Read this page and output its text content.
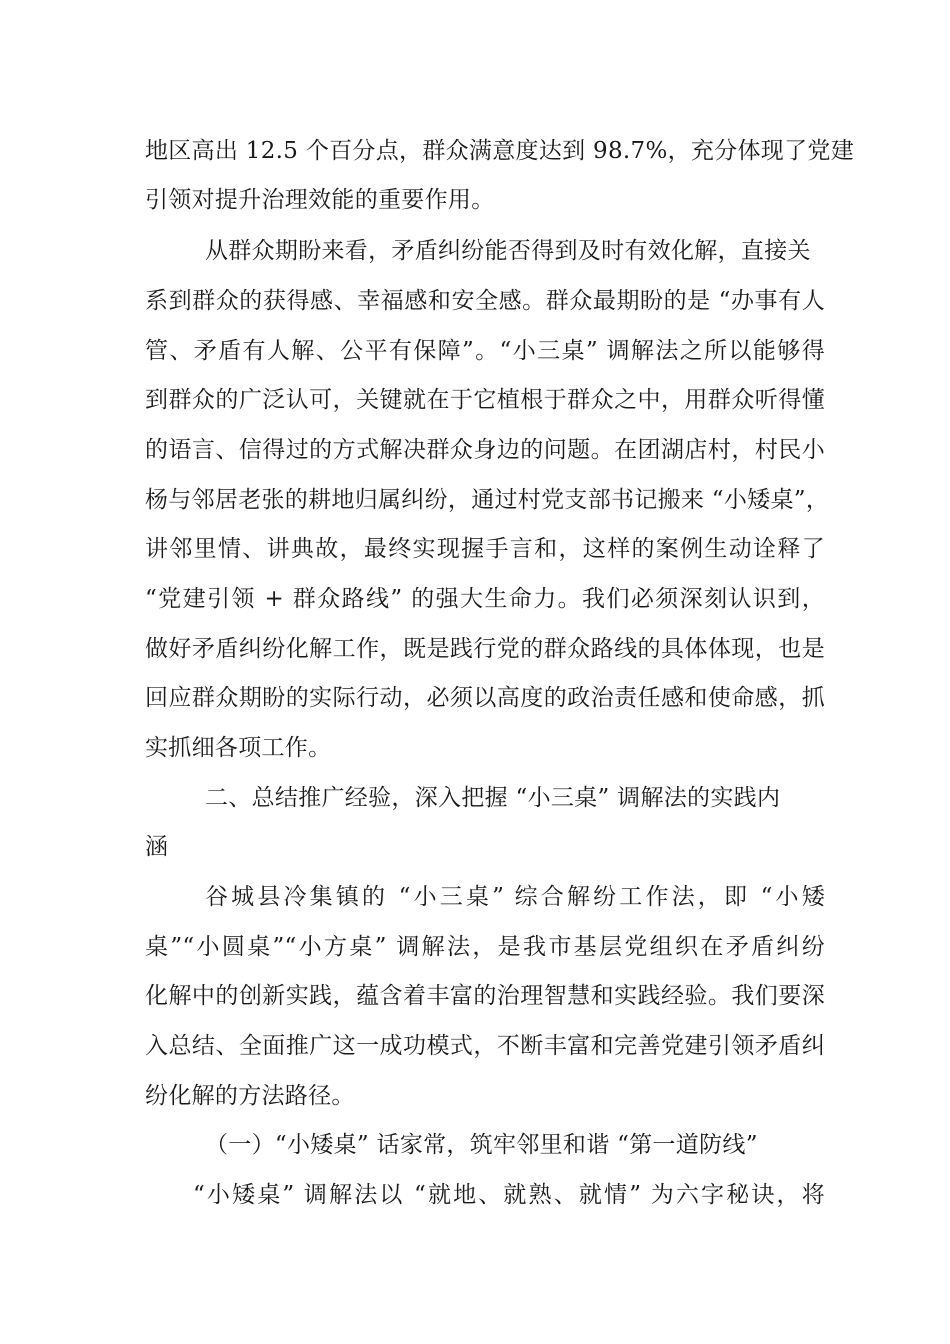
地区高出 12.5 个百分点，群众满意度达到 98.7%，充分体现了党建
引领对提升治理效能的重要作用。
从群众期盼来看，矛盾纠纷能否得到及时有效化解，直接关
系到群众的获得感、幸福感和安全感。群众最期盼的是 “办事有人
管、矛盾有人解、公平有保障”。“小三桌” 调解法之所以能够得
到群众的广泛认可，关键就在于它植根于群众之中，用群众听得懂
的语言、信得过的方式解决群众身边的问题。在团湖店村，村民小
杨与邻居老张的耕地归属纠纷，通过村党支部书记搬来 “小矮桌”，
讲邻里情、讲典故，最终实现握手言和，这样的案例生动诠释了
“党建引领 + 群众路线” 的强大生命力。我们必须深刻认识到，
做好矛盾纠纷化解工作，既是践行党的群众路线的具体体现，也是
回应群众期盼的实际行动，必须以高度的政治责任感和使命感，抓
实抓细各项工作。
二、总结推广经验，深入把握 “小三桌” 调解法的实践内
涵
谷城县冷集镇的 “小三桌” 综合解纷工作法，即 “小矮
桌”“小圆桌”“小方桌” 调解法，是我市基层党组织在矛盾纠纷
化解中的创新实践，蕴含着丰富的治理智慧和实践经验。我们要深
入总结、全面推广这一成功模式，不断丰富和完善党建引领矛盾纠
纷化解的方法路径。
（一）“小矮桌” 话家常，筑牢邻里和谐 “第一道防线”
“小矮桌” 调解法以 “就地、就熟、就情” 为六字秘诀，将
